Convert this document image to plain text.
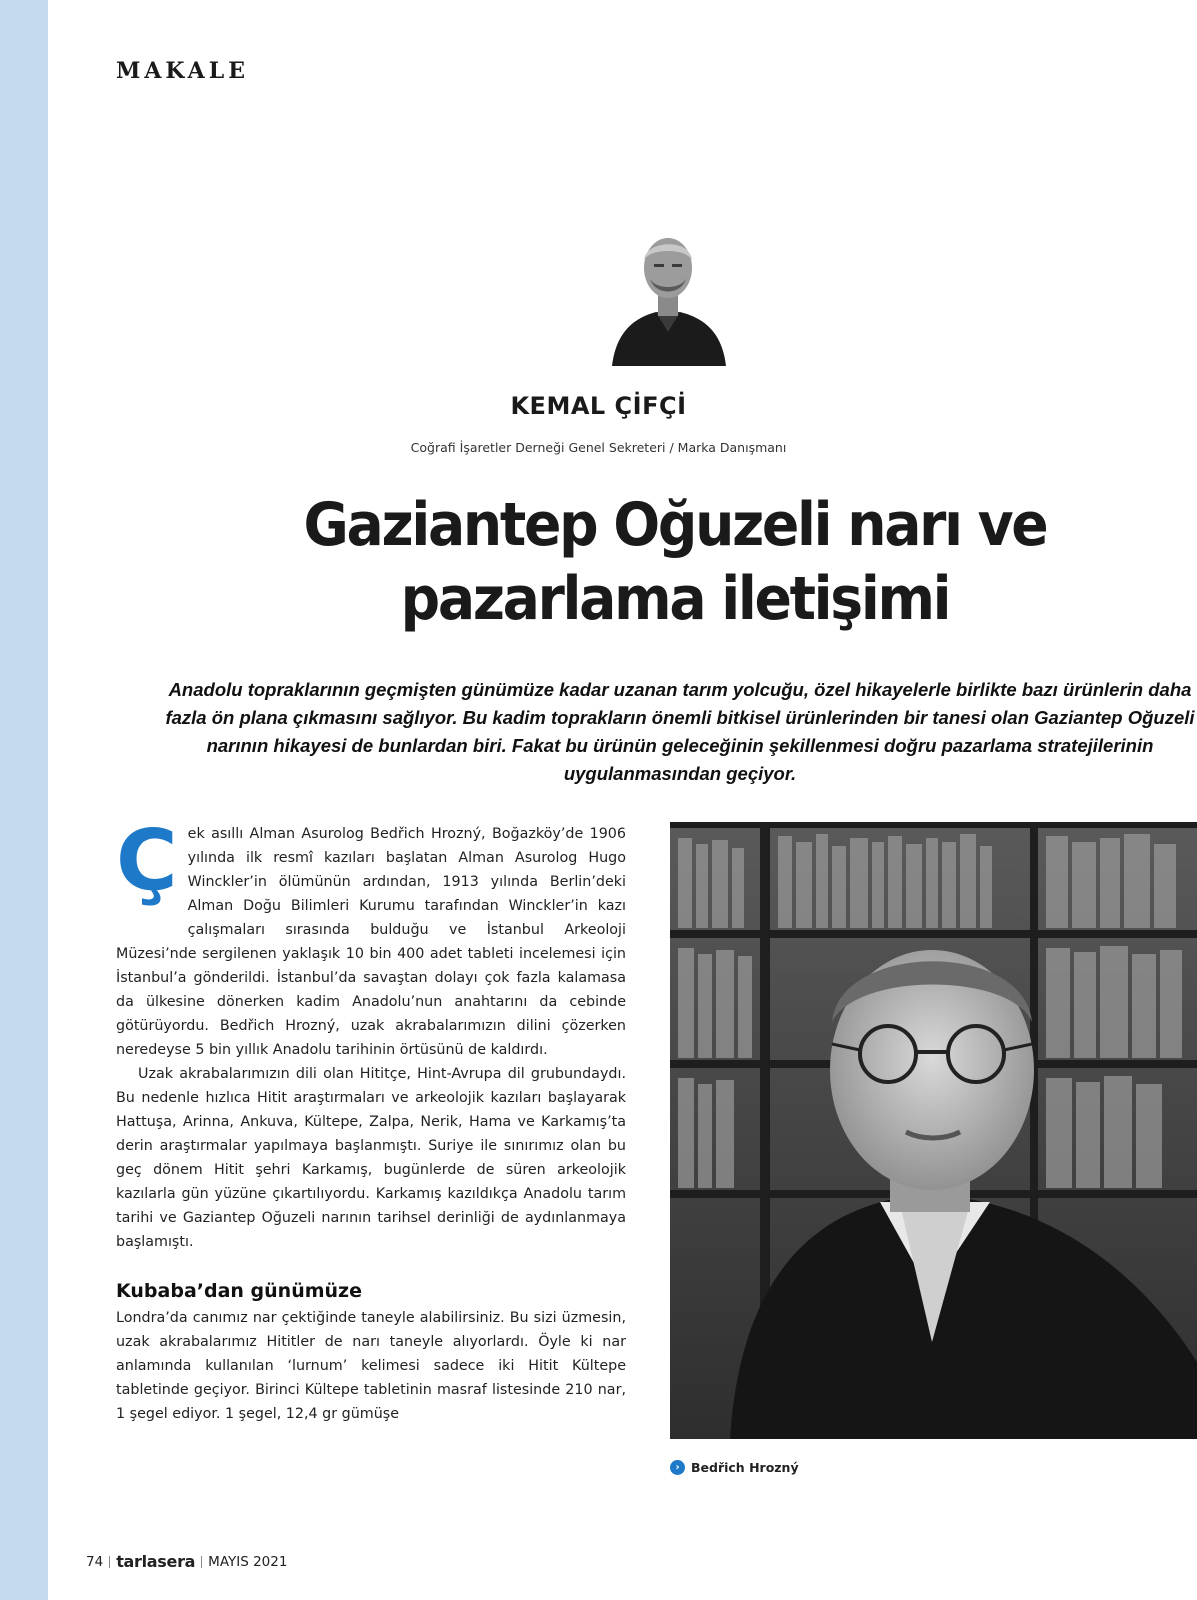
MAKALE
KEMAL ÇİFÇİ
Coğrafi İşaretler Derneği Genel Sekreteri / Marka Danışmanı
Gaziantep Oğuzeli narı ve
pazarlama iletişimi
Anadolu topraklarının geçmişten günümüze kadar uzanan tarım yolcuğu, özel hikayelerle birlikte bazı ürünlerin daha fazla ön plana çıkmasını sağlıyor. Bu kadim toprakların önemli bitkisel ürünlerinden bir tanesi olan Gaziantep Oğuzeli narının hikayesi de bunlardan biri. Fakat bu ürünün geleceğinin şekillenmesi doğru pazarlama stratejilerinin uygulanmasından geçiyor.
Ç ek asıllı Alman Asurolog Bedřich Hrozný, Boğazköy’de 1906 yılında ilk resmî kazıları başlatan Alman Asurolog Hugo Winckler’in ölümünün ardından, 1913 yılında Berlin’deki Alman Doğu Bilimleri Kurumu tarafından Winckler’in kazı çalışmaları sırasında bulduğu ve İstanbul Arkeoloji Müzesi’nde sergilenen yaklaşık 10 bin 400 adet tableti incelemesi için İstanbul’a gönderildi. İstanbul’da savaştan dolayı çok fazla kalamasa da ülkesine dönerken kadim Anadolu’nun anahtarını da cebinde götürüyordu. Bedřich Hrozný, uzak akrabalarımızın dilini çözerken neredeyse 5 bin yıllık Anadolu tarihinin örtüsünü de kaldırdı.

Uzak akrabalarımızın dili olan Hititçe, Hint-Avrupa dil grubundaydı. Bu nedenle hızlıca Hitit araştırmaları ve arkeolojik kazıları başlayarak Hattuşa, Arinna, Ankuva, Kültepe, Zalpa, Nerik, Hama ve Karkamış’ta derin araştırmalar yapılmaya başlanmıştı. Suriye ile sınırımız olan bu geç dönem Hitit şehri Karkamış, bugünlerde de süren arkeolojik kazılarla gün yüzüne çıkartılıyordu. Karkamış kazıldıkça Anadolu tarım tarihi ve Gaziantep Oğuzeli narının tarihsel derinliği de aydınlanmaya başlamıştı.

Kubaba’dan günümüze

Londra’da canımız nar çektiğinde taneyle alabilirsiniz. Bu sizi üzmesin, uzak akrabalarımız Hititler de narı taneyle alıyorlardı. Öyle ki nar anlamında kullanılan ‘lurnum’ kelimesi sadece iki Hitit Kültepe tabletinde geçiyor. Birinci Kültepe tabletinin masraf listesinde 210 nar, 1 şegel ediyor. 1 şegel, 12,4 gr gümüşe

› Bedřich Hrozný
74 tarlasera MAYIS 2021
